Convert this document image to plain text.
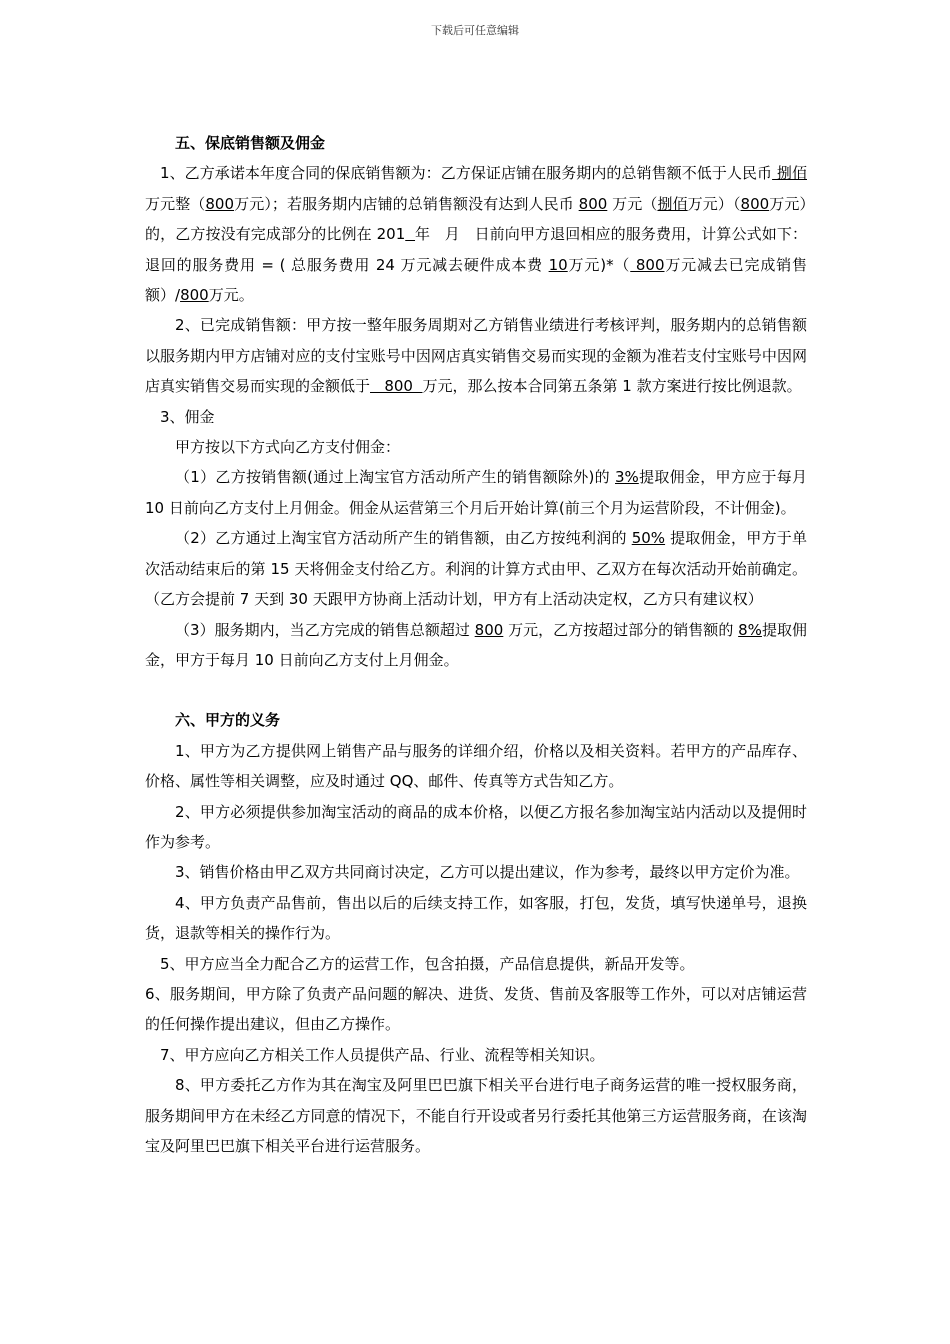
下载后可任意编辑

五、保底销售额及佣金

1、乙方承诺本年度合同的保底销售额为：乙方保证店铺在服务期内的总销售额不低于人民币 捌佰 万元整（800万元）；若服务期内店铺的总销售额没有达到人民币 800 万元（捌佰万元）（800万元）的，乙方按没有完成部分的比例在 201 年   月   日前向甲方退回相应的服务费用，计算公式如下：退回的服务费用 = ( 总服务费用 24 万元减去硬件成本费 10万元)*（ 800万元减去已完成销售额）/800万元。

2、已完成销售额：甲方按一整年服务周期对乙方销售业绩进行考核评判，服务期内的总销售额以服务期内甲方店铺对应的支付宝账号中因网店真实销售交易而实现的金额为准若支付宝账号中因网店真实销售交易而实现的金额低于   800  万元，那么按本合同第五条第 1 款方案进行按比例退款。

3、佣金

甲方按以下方式向乙方支付佣金：

（1）乙方按销售额(通过上淘宝官方活动所产生的销售额除外)的 3%提取佣金，甲方应于每月 10 日前向乙方支付上月佣金。佣金从运营第三个月后开始计算(前三个月为运营阶段，不计佣金)。

（2）乙方通过上淘宝官方活动所产生的销售额，由乙方按纯利润的 50% 提取佣金，甲方于单次活动结束后的第 15 天将佣金支付给乙方。利润的计算方式由甲、乙双方在每次活动开始前确定。（乙方会提前 7 天到 30 天跟甲方协商上活动计划，甲方有上活动决定权，乙方只有建议权）

（3）服务期内，当乙方完成的销售总额超过 800 万元，乙方按超过部分的销售额的 8%提取佣金，甲方于每月 10 日前向乙方支付上月佣金。

六、甲方的义务

1、甲方为乙方提供网上销售产品与服务的详细介绍，价格以及相关资料。若甲方的产品库存、价格、属性等相关调整，应及时通过 QQ、邮件、传真等方式告知乙方。

2、甲方必须提供参加淘宝活动的商品的成本价格，以便乙方报名参加淘宝站内活动以及提佣时作为参考。

3、销售价格由甲乙双方共同商讨决定，乙方可以提出建议，作为参考，最终以甲方定价为准。

4、甲方负责产品售前，售出以后的后续支持工作，如客服，打包，发货，填写快递单号，退换货，退款等相关的操作行为。

5、甲方应当全力配合乙方的运营工作，包含拍摄，产品信息提供，新品开发等。

6、服务期间，甲方除了负责产品问题的解决、进货、发货、售前及客服等工作外，可以对店铺运营的任何操作提出建议，但由乙方操作。

7、甲方应向乙方相关工作人员提供产品、行业、流程等相关知识。

8、甲方委托乙方作为其在淘宝及阿里巴巴旗下相关平台进行电子商务运营的唯一授权服务商，服务期间甲方在未经乙方同意的情况下，不能自行开设或者另行委托其他第三方运营服务商，在该淘宝及阿里巴巴旗下相关平台进行运营服务。
